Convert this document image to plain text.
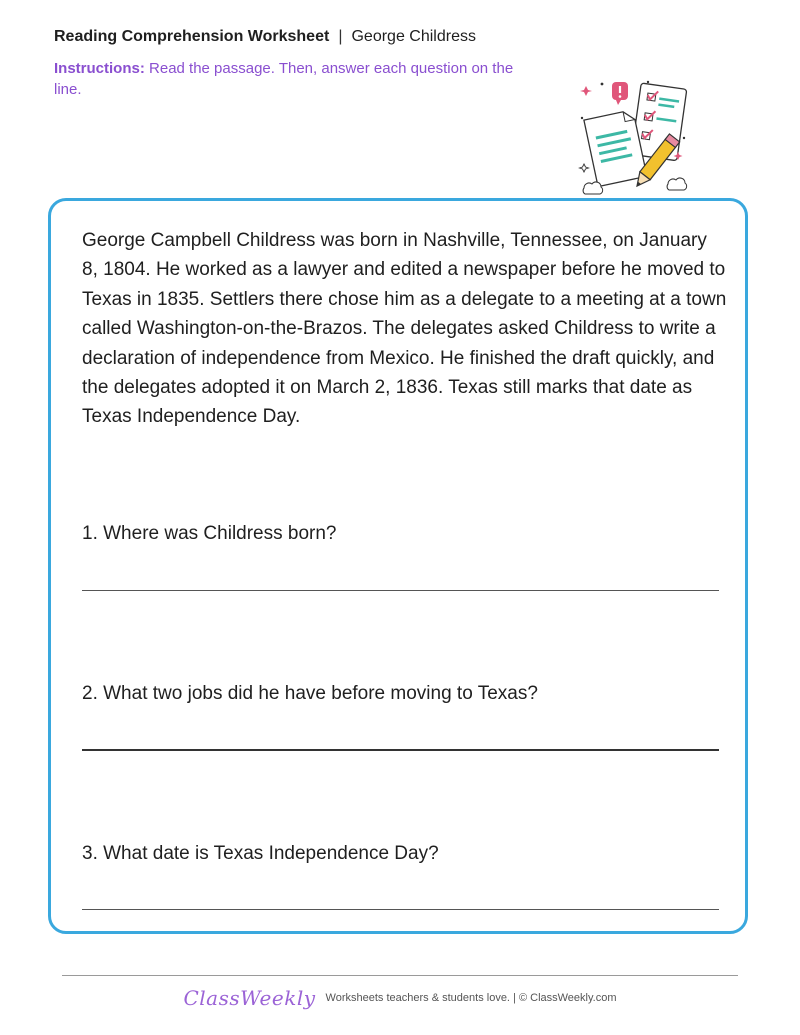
Reading Comprehension Worksheet | George Childress
Instructions: Read the passage. Then, answer each question on the line.

George Campbell Childress was born in Nashville, Tennessee, on January 8, 1804. He worked as a lawyer and edited a newspaper before he moved to Texas in 1835. Settlers there chose him as a delegate to a meeting at a town called Washington-on-the-Brazos. The delegates asked Childress to write a declaration of independence from Mexico. He finished the draft quickly, and the delegates adopted it on March 2, 1836. Texas still marks that date as Texas Independence Day.

1. Where was Childress born?
2. What two jobs did he have before moving to Texas?
3. What date is Texas Independence Day?
ClassWeekly Worksheets teachers & students love. | © ClassWeekly.com
